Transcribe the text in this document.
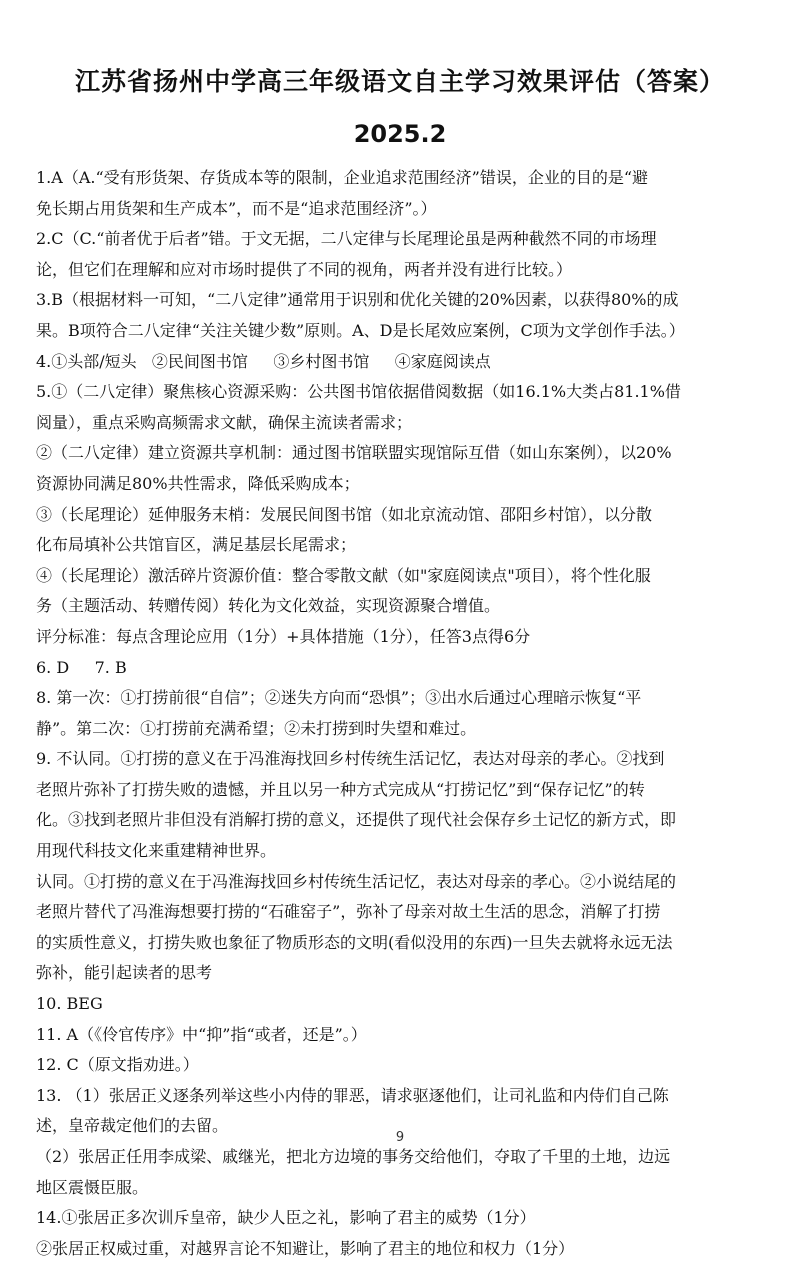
江苏省扬州中学高三年级语文自主学习效果评估（答案）
2025.2
1.A（A.“受有形货架、存货成本等的限制，企业追求范围经济”错误，企业的目的是“避
免长期占用货架和生产成本”，而不是“追求范围经济”。）
2.C（C.“前者优于后者”错。于文无据，二八定律与长尾理论虽是两种截然不同的市场理
论，但它们在理解和应对市场时提供了不同的视角，两者并没有进行比较。）
3.B（根据材料一可知，“二八定律”通常用于识别和优化关键的20%因素，以获得80%的成
果。B项符合二八定律“关注关键少数”原则。A、D是长尾效应案例，C项为文学创作手法。）
4.①头部/短头   ②民间图书馆     ③乡村图书馆     ④家庭阅读点
5.①（二八定律）聚焦核心资源采购：公共图书馆依据借阅数据（如16.1%大类占81.1%借
阅量），重点采购高频需求文献，确保主流读者需求；
②（二八定律）建立资源共享机制：通过图书馆联盟实现馆际互借（如山东案例），以20%
资源协同满足80%共性需求，降低采购成本；
③（长尾理论）延伸服务末梢：发展民间图书馆（如北京流动馆、邵阳乡村馆），以分散
化布局填补公共馆盲区，满足基层长尾需求；
④（长尾理论）激活碎片资源价值：整合零散文献（如"家庭阅读点"项目），将个性化服
务（主题活动、转赠传阅）转化为文化效益，实现资源聚合增值。
评分标准：每点含理论应用（1分）+具体措施（1分），任答3点得6分
6. D     7. B
8. 第一次：①打捞前很“自信”；②迷失方向而“恐惧”；③出水后通过心理暗示恢复“平
静”。第二次：①打捞前充满希望；②未打捞到时失望和难过。
9. 不认同。①打捞的意义在于冯淮海找回乡村传统生活记忆，表达对母亲的孝心。②找到
老照片弥补了打捞失败的遗憾，并且以另一种方式完成从“打捞记忆”到“保存记忆”的转
化。③找到老照片非但没有消解打捞的意义，还提供了现代社会保存乡土记忆的新方式，即
用现代科技文化来重建精神世界。
认同。①打捞的意义在于冯淮海找回乡村传统生活记忆，表达对母亲的孝心。②小说结尾的
老照片替代了冯淮海想要打捞的“石碓窑子”，弥补了母亲对故土生活的思念，消解了打捞
的实质性意义，打捞失败也象征了物质形态的文明(看似没用的东西)一旦失去就将永远无法
弥补，能引起读者的思考
10. BEG
11. A（《伶官传序》中“抑”指“或者，还是”。）
12. C（原文指劝进。）
13. （1）张居正义逐条列举这些小内侍的罪恶，请求驱逐他们，让司礼监和内侍们自己陈
述，皇帝裁定他们的去留。
（2）张居正任用李成梁、戚继光，把北方边境的事务交给他们，夺取了千里的土地，边远
地区震慑臣服。
14.①张居正多次训斥皇帝，缺少人臣之礼，影响了君主的威势（1分）
②张居正权威过重，对越界言论不知避让，影响了君主的地位和权力（1分）
9
